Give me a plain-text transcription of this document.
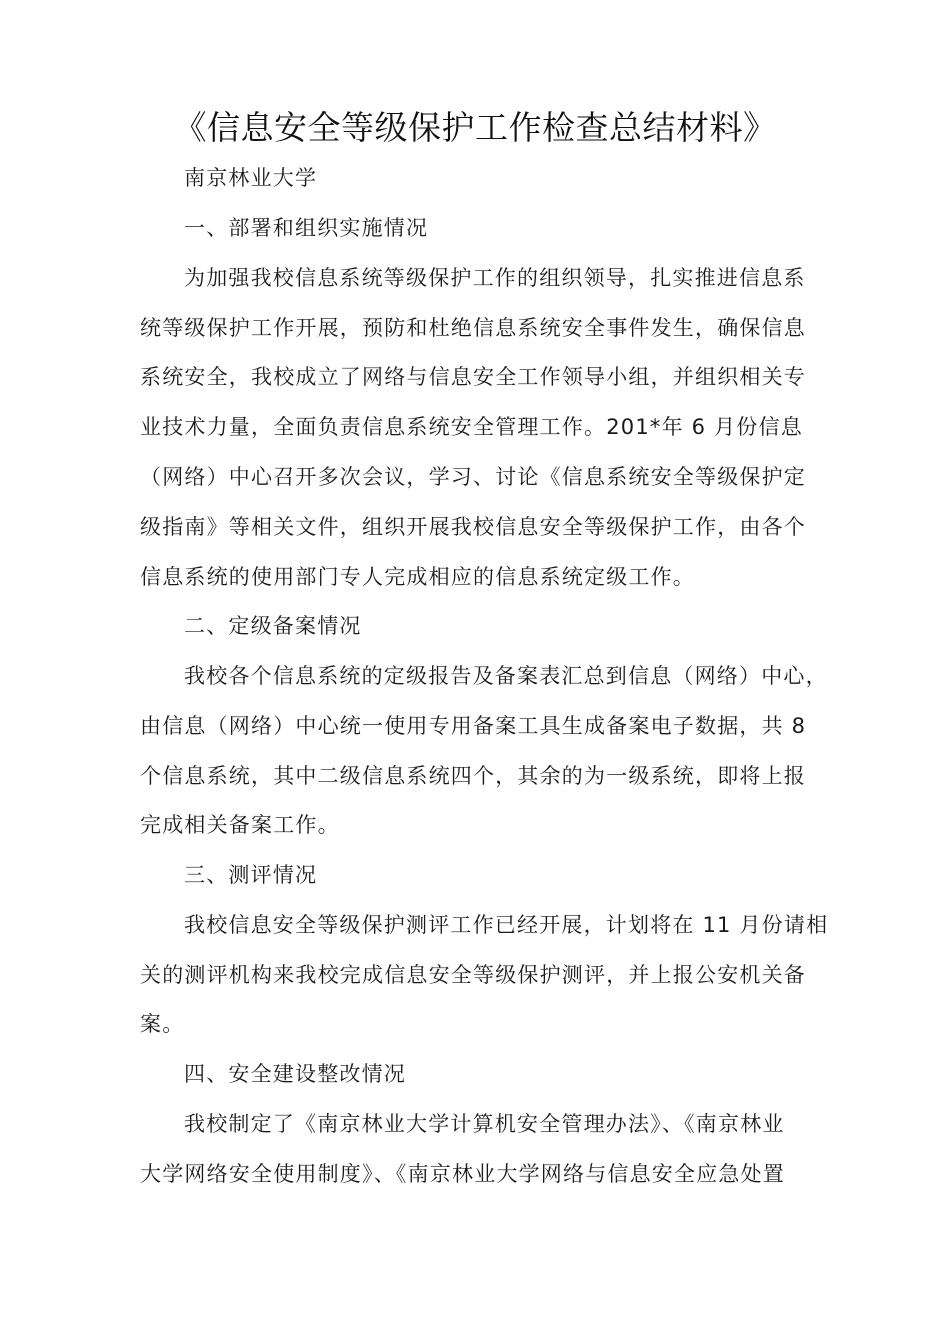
《信息安全等级保护工作检查总结材料》
南京林业大学
一、部署和组织实施情况
为加强我校信息系统等级保护工作的组织领导，扎实推进信息系
统等级保护工作开展，预防和杜绝信息系统安全事件发生，确保信息
系统安全，我校成立了网络与信息安全工作领导小组，并组织相关专
业技术力量，全面负责信息系统安全管理工作。201*年 6 月份信息
（网络）中心召开多次会议，学习、讨论《信息系统安全等级保护定
级指南》等相关文件，组织开展我校信息安全等级保护工作，由各个
信息系统的使用部门专人完成相应的信息系统定级工作。
二、定级备案情况
我校各个信息系统的定级报告及备案表汇总到信息（网络）中心，
由信息（网络）中心统一使用专用备案工具生成备案电子数据，共 8
个信息系统，其中二级信息系统四个，其余的为一级系统，即将上报
完成相关备案工作。
三、测评情况
我校信息安全等级保护测评工作已经开展，计划将在 11 月份请相
关的测评机构来我校完成信息安全等级保护测评，并上报公安机关备
案。
四、安全建设整改情况
我校制定了《南京林业大学计算机安全管理办法》、《南京林业
大学网络安全使用制度》、《南京林业大学网络与信息安全应急处置
